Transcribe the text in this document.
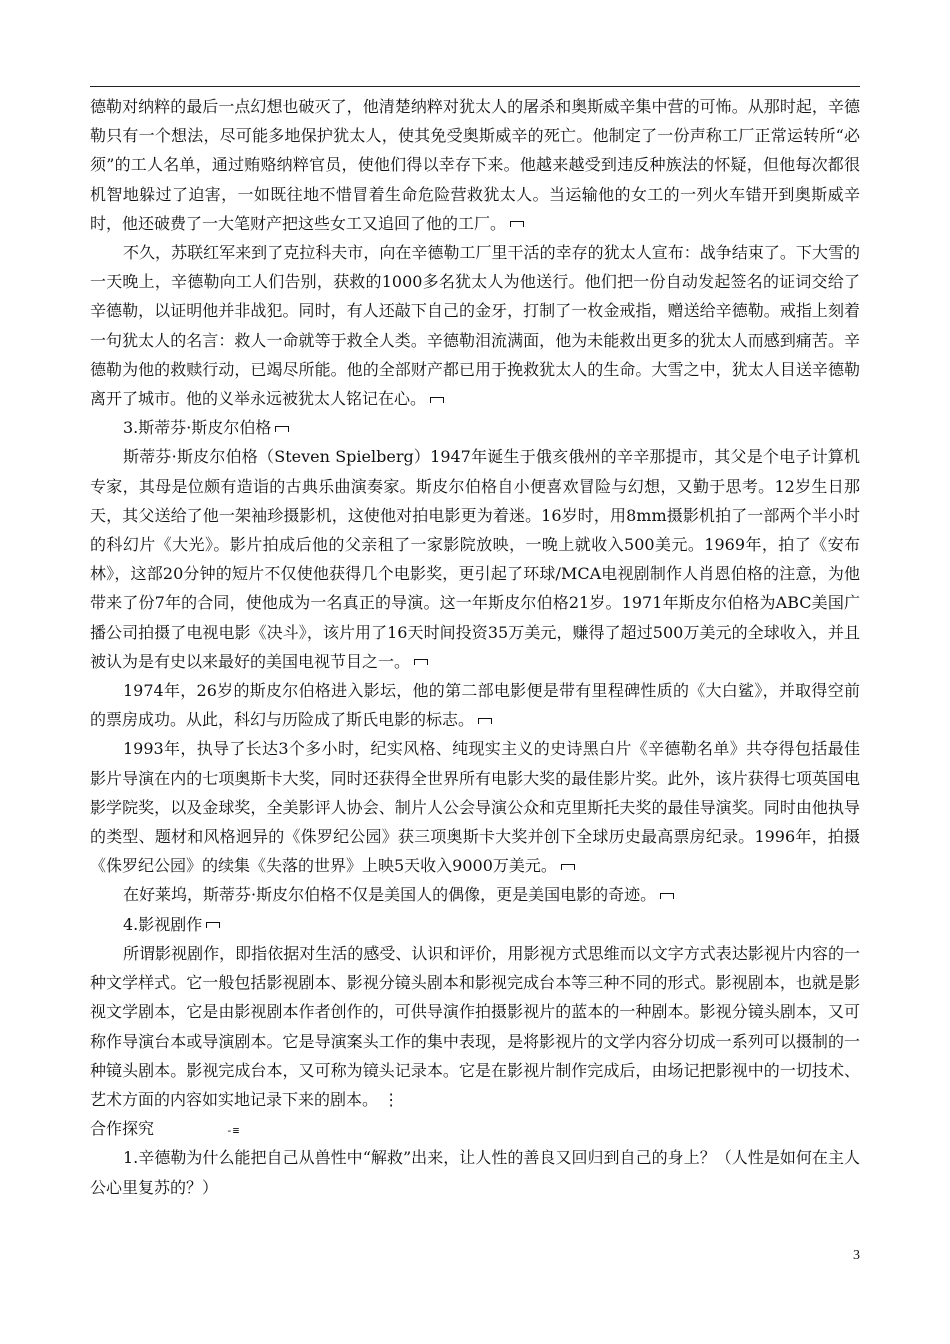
德勒对纳粹的最后一点幻想也破灭了，他清楚纳粹对犹太人的屠杀和奥斯威辛集中营的可怖。从那时起，辛德勒只有一个想法，尽可能多地保护犹太人，使其免受奥斯威辛的死亡。他制定了一份声称工厂正常运转所“必须”的工人名单，通过贿赂纳粹官员，使他们得以幸存下来。他越来越受到违反种族法的怀疑，但他每次都很机智地躲过了迫害，一如既往地不惜冒着生命危险营救犹太人。当运输他的女工的一列火车错开到奥斯威辛时，他还破费了一大笔财产把这些女工又追回了他的工厂。

不久，苏联红军来到了克拉科夫市，向在辛德勒工厂里干活的幸存的犹太人宣布：战争结束了。下大雪的一天晚上，辛德勒向工人们告别，获救的1000多名犹太人为他送行。他们把一份自动发起签名的证词交给了辛德勒，以证明他并非战犯。同时，有人还敲下自己的金牙，打制了一枚金戒指，赠送给辛德勒。戒指上刻着一句犹太人的名言：救人一命就等于救全人类。辛德勒泪流满面，他为未能救出更多的犹太人而感到痛苦。辛德勒为他的救赎行动，已竭尽所能。他的全部财产都已用于挽救犹太人的生命。大雪之中，犹太人目送辛德勒离开了城市。他的义举永远被犹太人铭记在心。

3.斯蒂芬·斯皮尔伯格

斯蒂芬·斯皮尔伯格（Steven Spielberg）1947年诞生于俄亥俄州的辛辛那提市，其父是个电子计算机专家，其母是位颇有造诣的古典乐曲演奏家。斯皮尔伯格自小便喜欢冒险与幻想，又勤于思考。12岁生日那天，其父送给了他一架袖珍摄影机，这使他对拍电影更为着迷。16岁时，用8mm摄影机拍了一部两个半小时的科幻片《大光》。影片拍成后他的父亲租了一家影院放映，一晚上就收入500美元。1969年，拍了《安布林》，这部20分钟的短片不仅使他获得几个电影奖，更引起了环球/MCA电视剧制作人肖恩伯格的注意，为他带来了份7年的合同，使他成为一名真正的导演。这一年斯皮尔伯格21岁。1971年斯皮尔伯格为ABC美国广播公司拍摄了电视电影《决斗》，该片用了16天时间投资35万美元，赚得了超过500万美元的全球收入，并且被认为是有史以来最好的美国电视节目之一。

1974年，26岁的斯皮尔伯格进入影坛，他的第二部电影便是带有里程碑性质的《大白鲨》，并取得空前的票房成功。从此，科幻与历险成了斯氏电影的标志。

1993年，执导了长达3个多小时，纪实风格、纯现实主义的史诗黑白片《辛德勒名单》共夺得包括最佳影片导演在内的七项奥斯卡大奖，同时还获得全世界所有电影大奖的最佳影片奖。此外，该片获得七项英国电影学院奖，以及金球奖，全美影评人协会、制片人公会导演公众和克里斯托夫奖的最佳导演奖。同时由他执导的类型、题材和风格迥异的《侏罗纪公园》获三项奥斯卡大奖并创下全球历史最高票房纪录。1996年，拍摄《侏罗纪公园》的续集《失落的世界》上映5天收入9000万美元。

在好莱坞，斯蒂芬·斯皮尔伯格不仅是美国人的偶像，更是美国电影的奇迹。

4.影视剧作

所谓影视剧作，即指依据对生活的感受、认识和评价，用影视方式思维而以文字方式表达影视片内容的一种文学样式。它一般包括影视剧本、影视分镜头剧本和影视完成台本等三种不同的形式。影视剧本，也就是影视文学剧本，它是由影视剧本作者创作的，可供导演作拍摄影视片的蓝本的一种剧本。影视分镜头剧本，又可称作导演台本或导演剧本。它是导演案头工作的集中表现，是将影视片的文学内容分切成一系列可以摄制的一种镜头剧本。影视完成台本，又可称为镜头记录本。它是在影视片制作完成后，由场记把影视中的一切技术、艺术方面的内容如实地记录下来的剧本。 ⋮

合作探究	-≡

1.辛德勒为什么能把自己从兽性中“解救”出来，让人性的善良又回归到自己的身上？（人性是如何在主人公心里复苏的？）

3
